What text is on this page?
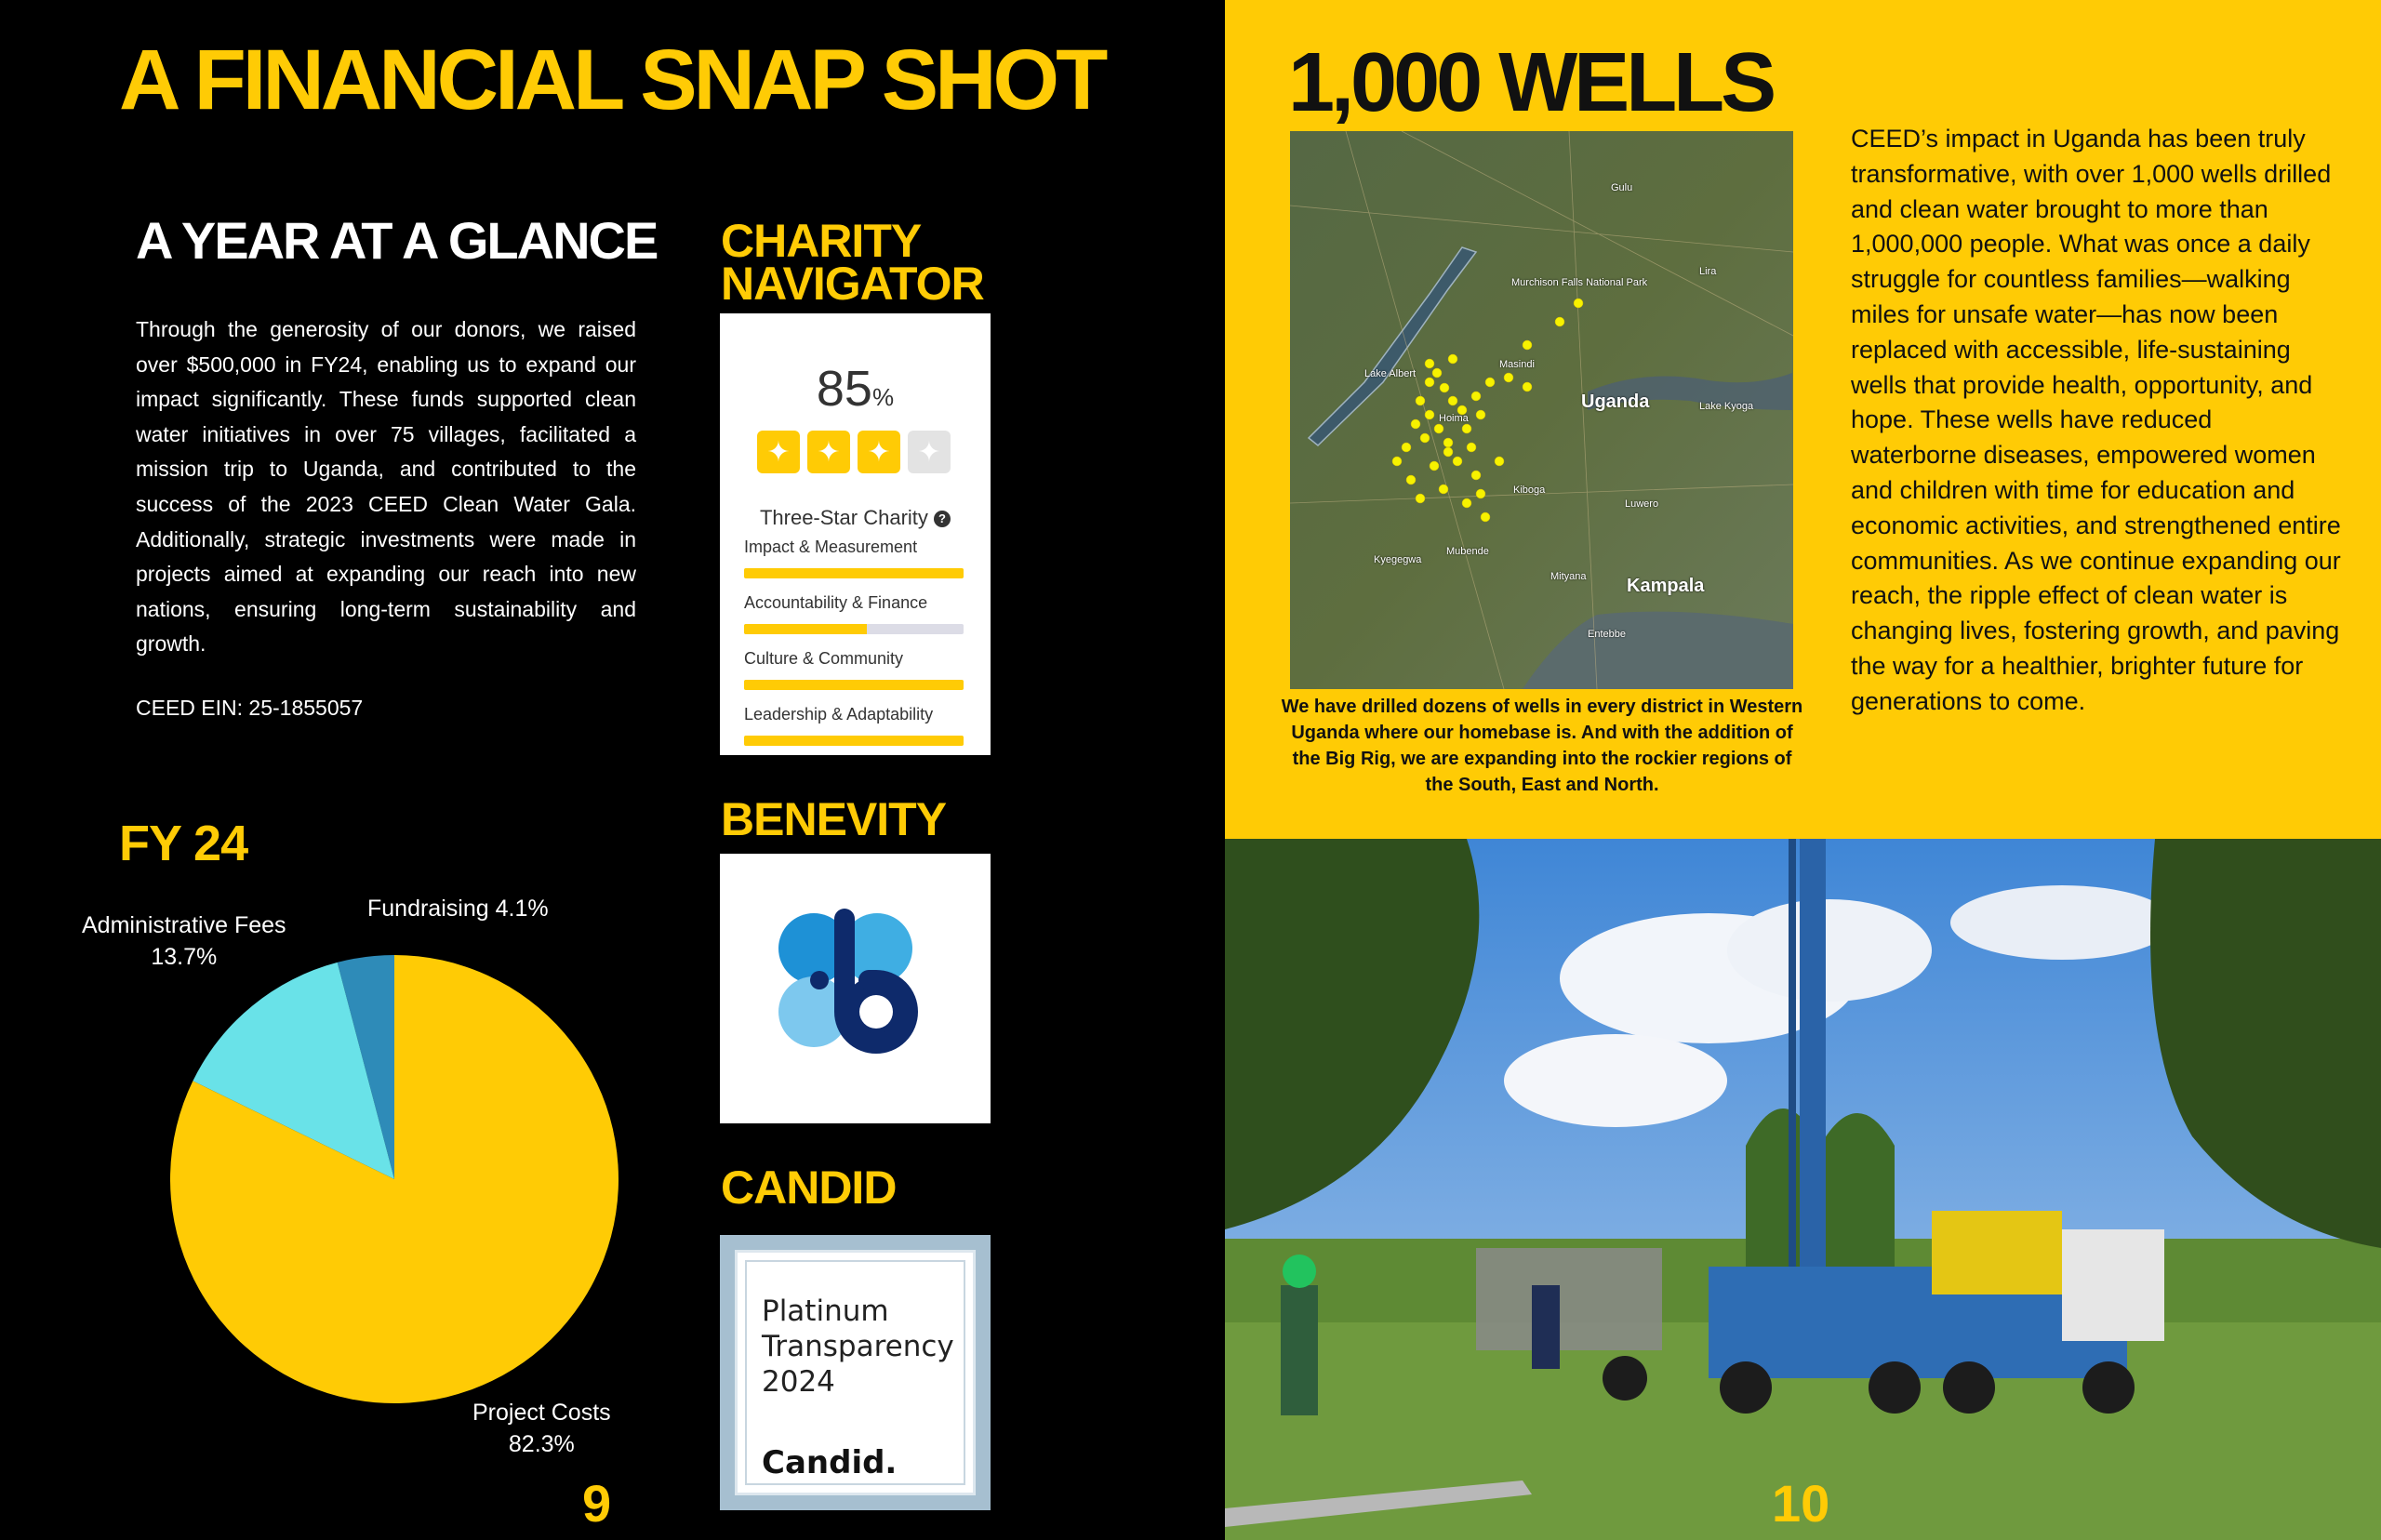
A FINANCIAL SNAP SHOT
A YEAR AT A GLANCE
Through the generosity of our donors, we raised over $500,000 in FY24, enabling us to expand our impact significantly. These funds supported clean water initiatives in over 75 villages, facilitated a mission trip to Uganda, and contributed to the success of the 2023 CEED Clean Water Gala. Additionally, strategic investments were made in projects aimed at expanding our reach into new nations, ensuring long-term sustainability and growth.
CEED EIN: 25-1855057
CHARITY
NAVIGATOR
85%
✦ ✦ ✦ ✦
Three-Star Charity ?
Impact & Measurement
Accountability & Finance
Culture & Community
Leadership & Adaptability
BENEVITY
CANDID
Platinum
Transparency
2024
Candid.
FY 24
Administrative Fees
13.7%
Fundraising 4.1%
Project Costs
82.3%
9
1,000 WELLS
Murchison Falls National Park
Gulu
Masindi
Uganda
Kampala
Lake Kyoga
Lake Albert
Kyegegwa
Mubende
Mityana
Entebbe
Lira
Kiboga
Luwero
Hoima
We have drilled dozens of wells in every district in Western Uganda where our homebase is. And with the addition of the Big Rig, we are expanding into the rockier regions of the South, East and North.
CEED’s impact in Uganda has been truly transformative, with over 1,000 wells drilled and clean water brought to more than 1,000,000 people. What was once a daily struggle for countless families—walking miles for unsafe water—has now been replaced with accessible, life-sustaining wells that provide health, opportunity, and hope. These wells have reduced waterborne diseases, empowered women and children with time for education and economic activities, and strengthened entire communities. As we continue expanding our reach, the ripple effect of clean water is changing lives, fostering growth, and paving the way for a healthier, brighter future for generations to come.
10
